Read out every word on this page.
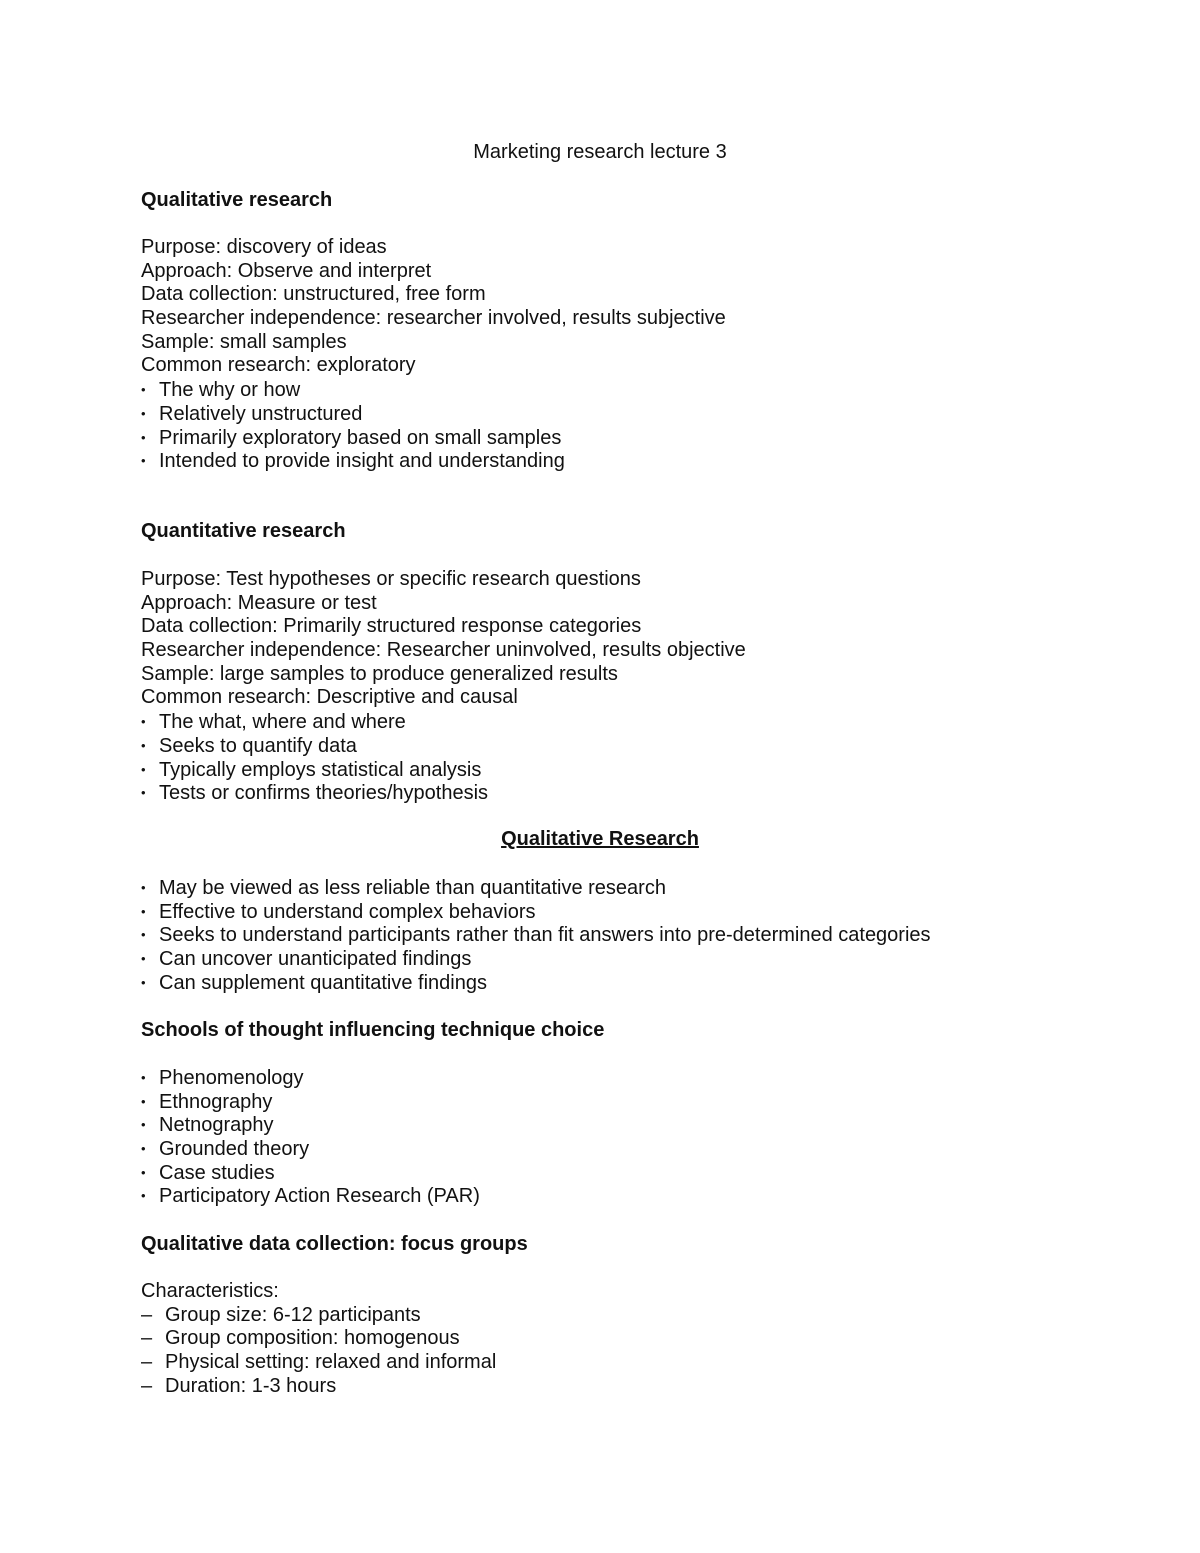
Marketing research lecture 3
Qualitative research
Purpose: discovery of ideas
Approach: Observe and interpret
Data collection: unstructured, free form
Researcher independence: researcher involved, results subjective
Sample: small samples
Common research: exploratory
• The why or how
• Relatively unstructured
• Primarily exploratory based on small samples
• Intended to provide insight and understanding
Quantitative research
Purpose: Test hypotheses or specific research questions
Approach: Measure or test
Data collection: Primarily structured response categories
Researcher independence: Researcher uninvolved, results objective
Sample: large samples to produce generalized results
Common research: Descriptive and causal
• The what, where and where
• Seeks to quantify data
• Typically employs statistical analysis
• Tests or confirms theories/hypothesis
Qualitative Research
• May be viewed as less reliable than quantitative research
• Effective to understand complex behaviors
• Seeks to understand participants rather than fit answers into pre-determined categories
• Can uncover unanticipated findings
• Can supplement quantitative findings
Schools of thought influencing technique choice
• Phenomenology
• Ethnography
• Netnography
• Grounded theory
• Case studies
• Participatory Action Research (PAR)
Qualitative data collection: focus groups
Characteristics:
– Group size: 6-12 participants
– Group composition: homogenous
– Physical setting: relaxed and informal
– Duration: 1-3 hours
